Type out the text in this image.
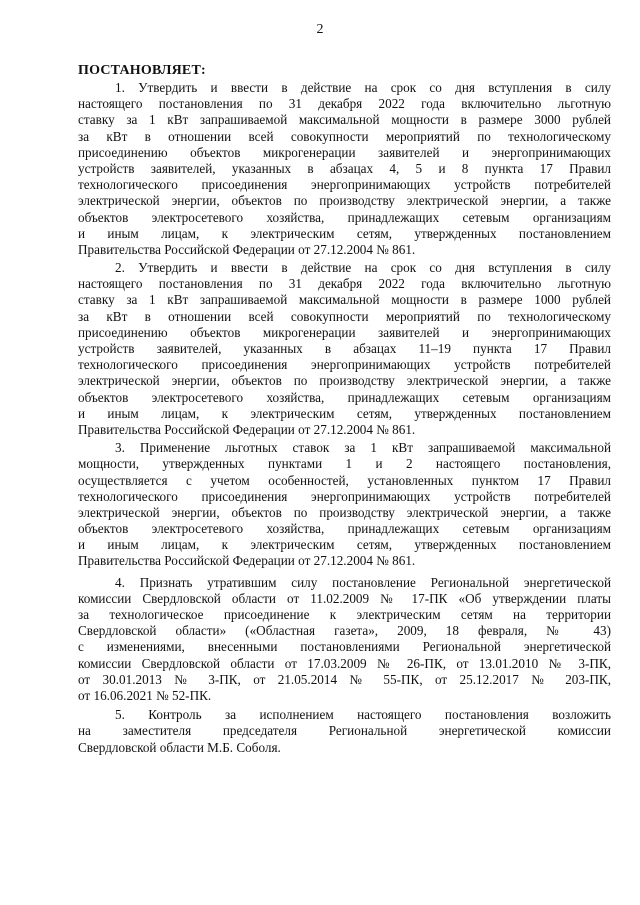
2
ПОСТАНОВЛЯЕТ:
1. Утвердить и ввести в действие на срок со дня вступления в силу
настоящего постановления по 31 декабря 2022 года включительно льготную
ставку за 1 кВт запрашиваемой максимальной мощности в размере 3000 рублей
за кВт в отношении всей совокупности мероприятий по технологическому
присоединению объектов микрогенерации заявителей и энергопринимающих
устройств заявителей, указанных в абзацах 4, 5 и 8 пункта 17 Правил
технологического присоединения энергопринимающих устройств потребителей
электрической энергии, объектов по производству электрической энергии, а также
объектов электросетевого хозяйства, принадлежащих сетевым организациям
и иным лицам, к электрическим сетям, утвержденных постановлением
Правительства Российской Федерации от 27.12.2004 № 861.
2. Утвердить и ввести в действие на срок со дня вступления в силу
настоящего постановления по 31 декабря 2022 года включительно льготную
ставку за 1 кВт запрашиваемой максимальной мощности в размере 1000 рублей
за кВт в отношении всей совокупности мероприятий по технологическому
присоединению объектов микрогенерации заявителей и энергопринимающих
устройств заявителей, указанных в абзацах 11–19 пункта 17 Правил
технологического присоединения энергопринимающих устройств потребителей
электрической энергии, объектов по производству электрической энергии, а также
объектов электросетевого хозяйства, принадлежащих сетевым организациям
и иным лицам, к электрическим сетям, утвержденных постановлением
Правительства Российской Федерации от 27.12.2004 № 861.
3. Применение льготных ставок за 1 кВт запрашиваемой максимальной
мощности, утвержденных пунктами 1 и 2 настоящего постановления,
осуществляется с учетом особенностей, установленных пунктом 17 Правил
технологического присоединения энергопринимающих устройств потребителей
электрической энергии, объектов по производству электрической энергии, а также
объектов электросетевого хозяйства, принадлежащих сетевым организациям
и иным лицам, к электрическим сетям, утвержденных постановлением
Правительства Российской Федерации от 27.12.2004 № 861.
4. Признать утратившим силу постановление Региональной энергетической
комиссии Свердловской области от 11.02.2009 № 17-ПК «Об утверждении платы
за технологическое присоединение к электрическим сетям на территории
Свердловской области» («Областная газета», 2009, 18 февраля, № 43)
с изменениями, внесенными постановлениями Региональной энергетической
комиссии Свердловской области от 17.03.2009 № 26-ПК, от 13.01.2010 № 3-ПК,
от 30.01.2013 № 3-ПК, от 21.05.2014 № 55-ПК, от 25.12.2017 № 203-ПК,
от 16.06.2021 № 52-ПК.
5. Контроль за исполнением настоящего постановления возложить
на заместителя председателя Региональной энергетической комиссии
Свердловской области М.Б. Соболя.
